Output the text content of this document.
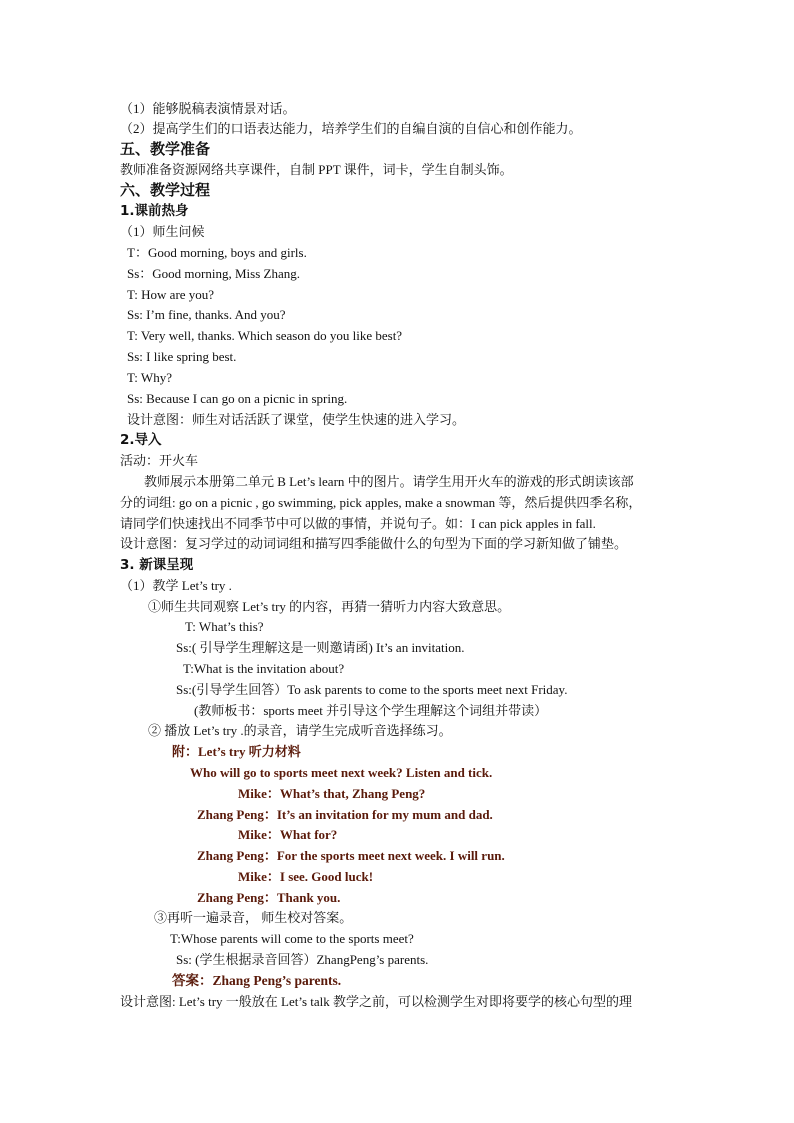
（1）能够脱稿表演情景对话。
（2）提高学生们的口语表达能力，培养学生们的自编自演的自信心和创作能力。
五、教学准备
教师准备资源网络共享课件，自制 PPT 课件，词卡，学生自制头饰。
六、教学过程
1.课前热身
（1）师生问候
T：Good morning, boys and girls.
Ss：Good morning, Miss Zhang.
T: How are you?
Ss: I’m fine, thanks. And you?
T: Very well, thanks. Which season do you like best?
Ss: I like spring best.
T: Why?
Ss: Because I can go on a picnic in spring.
设计意图：师生对话活跃了课堂，使学生快速的进入学习。
2.导入
活动：开火车
教师展示本册第二单元 B Let’s learn 中的图片。请学生用开火车的游戏的形式朗读该部
分的词组: go on a picnic , go swimming, pick apples, make a snowman 等，然后提供四季名称，
请同学们快速找出不同季节中可以做的事情，并说句子。如：I can pick apples in fall.
设计意图：复习学过的动词词组和描写四季能做什么的句型为下面的学习新知做了铺垫。
3. 新课呈现
（1）教学 Let’s try .
①师生共同观察 Let’s try 的内容，再猜一猜听力内容大致意思。
T: What’s this?
Ss:( 引导学生理解这是一则邀请函) It’s an invitation.
T:What is the invitation about?
Ss:(引导学生回答）To ask parents to come to the sports meet next Friday.
(教师板书：sports meet 并引导这个学生理解这个词组并带读）
② 播放 Let’s try .的录音，请学生完成听音选择练习。
附：Let’s try 听力材料
Who will go to sports meet next week? Listen and tick.
Mike：What’s that, Zhang Peng?
Zhang Peng：It’s an invitation for my mum and dad.
Mike：What for?
Zhang Peng：For the sports meet next week. I will run.
Mike：I see. Good luck!
Zhang Peng：Thank you.
③再听一遍录音， 师生校对答案。
T:Whose parents will come to the sports meet?
Ss: (学生根据录音回答）ZhangPeng’s parents.
答案：Zhang Peng’s parents.
设计意图: Let’s try 一般放在 Let’s talk 教学之前，可以检测学生对即将要学的核心句型的理
